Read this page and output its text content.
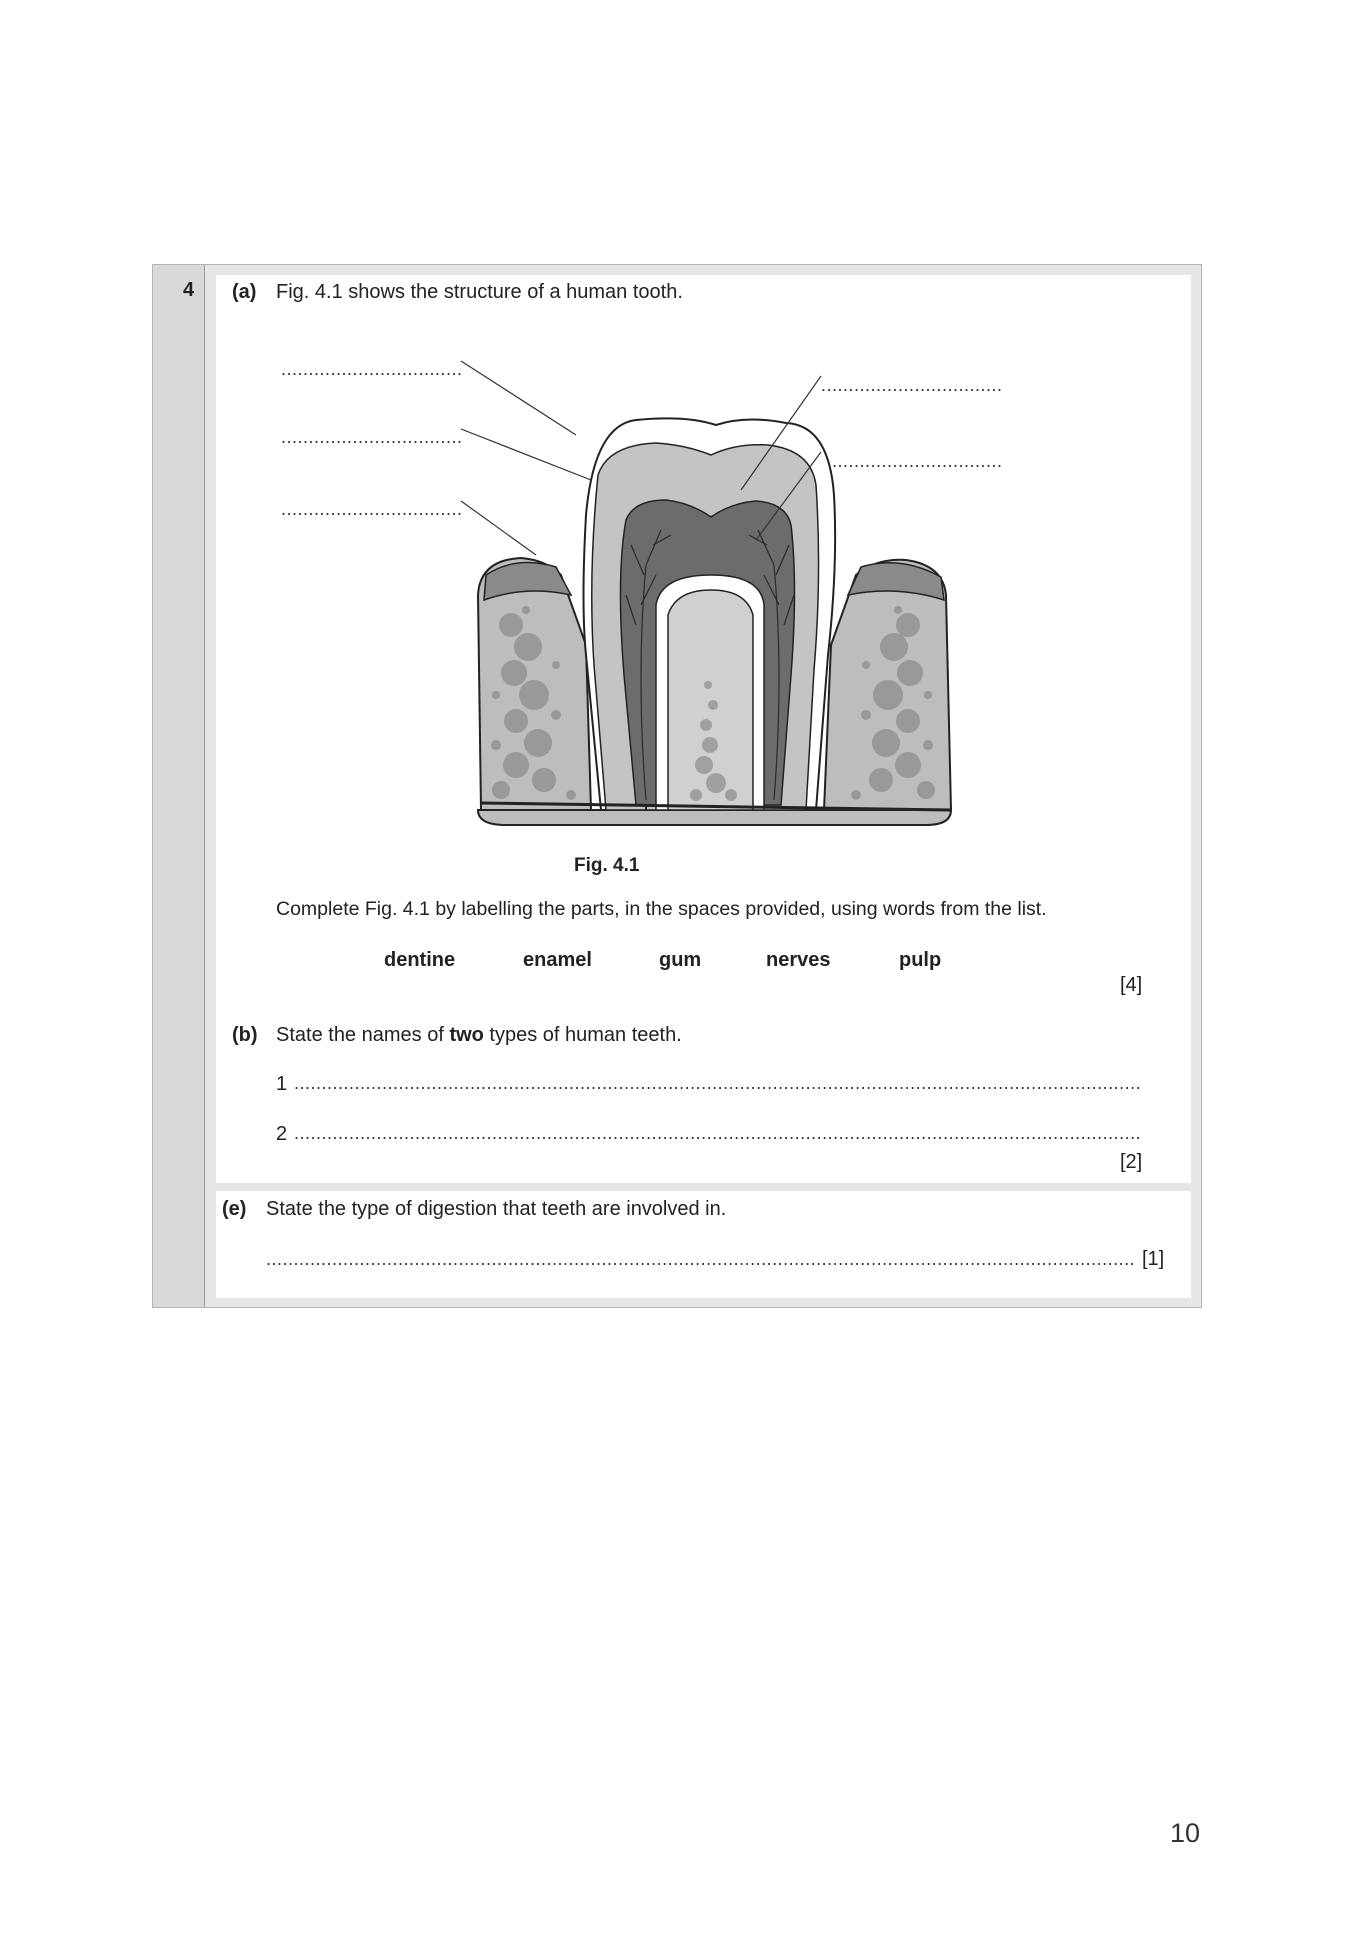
4 (a) Fig. 4.1 shows the structure of a human tooth.
.....
.....
.....
.....
.....
Fig. 4.1
Complete Fig. 4.1 by labelling the parts, in the spaces provided, using words from the list.
dentine	enamel	gum	nerves	pulp
[4]
(b) State the names of two types of human teeth.
1
.....
2
.....
[2]
(e) State the type of digestion that teeth are involved in.
.....
[1]
10
